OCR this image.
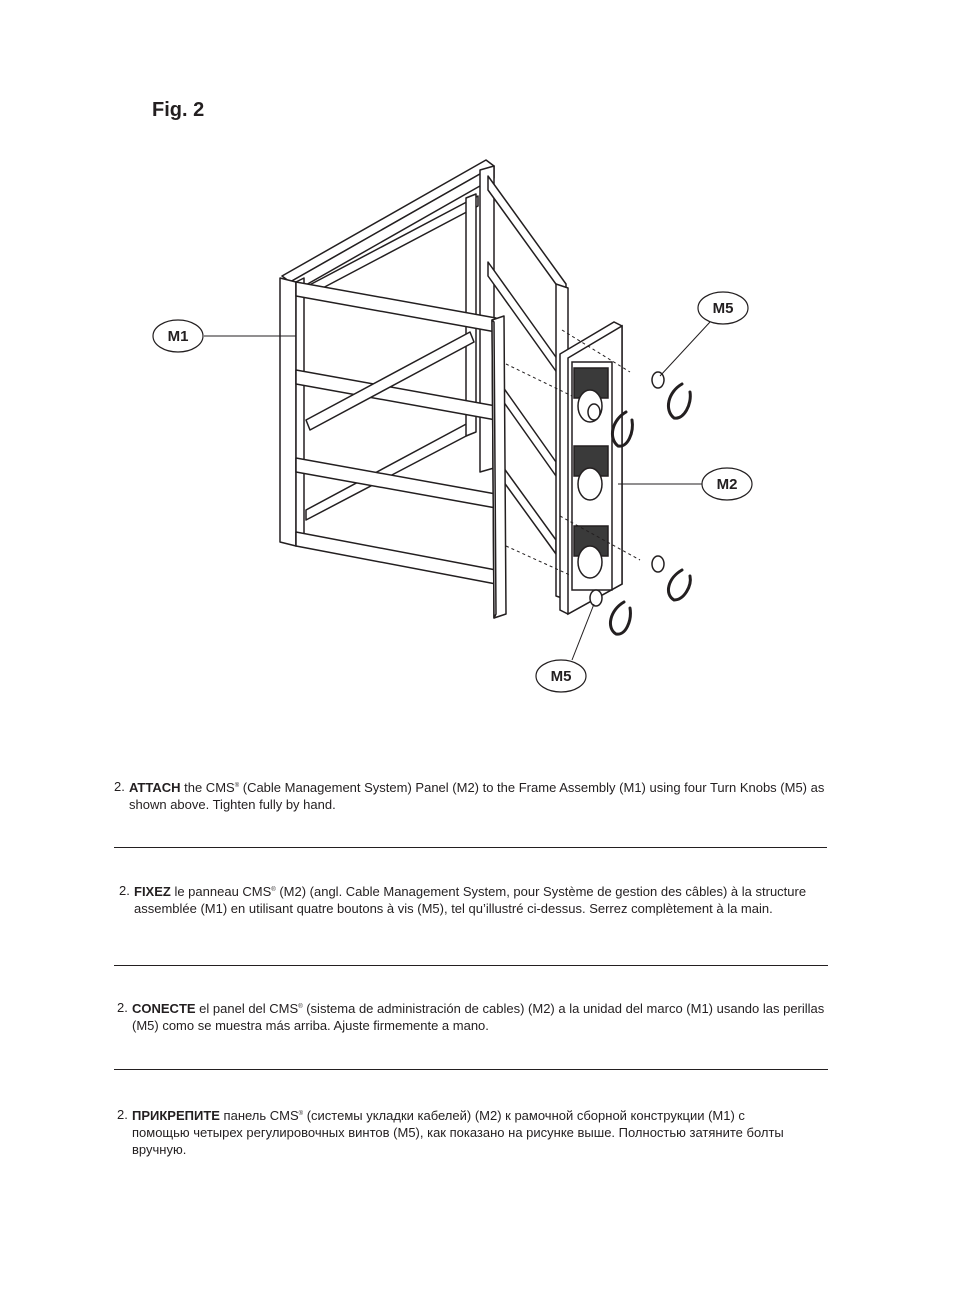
Fig. 2
M1
M5
M2
M5
2. ATTACH the CMS® (Cable Management System) Panel (M2) to the Frame Assembly (M1) using four Turn Knobs (M5) as shown above. Tighten fully by hand.
2. FIXEZ le panneau CMS® (M2) (angl. Cable Management System, pour Système de gestion des câbles) à la structure assemblée (M1) en utilisant quatre boutons à vis (M5), tel qu’illustré ci-dessus. Serrez complètement à la main.
2. CONECTE el panel del CMS® (sistema de administración de cables) (M2) a la unidad del marco (M1) usando las perillas (M5) como se muestra más arriba. Ajuste firmemente a mano.
2. ПРИКРЕПИТЕ панель CMS® (системы укладки кабелей) (M2) к рамочной сборной конструкции (M1) с помощью четырех регулировочных винтов (M5), как показано на рисунке выше. Полностью затяните болты вручную.
